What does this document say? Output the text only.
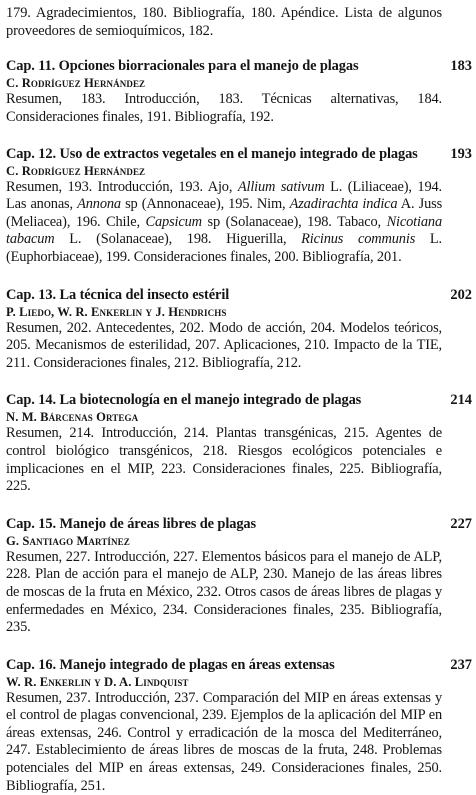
179. Agradecimientos, 180. Bibliografía, 180. Apéndice. Lista de algunos proveedores de semioquímicos, 182.
Cap. 11. Opciones biorracionales para el manejo de plagas	183
C. Rodríguez Hernández
Resumen, 183. Introducción, 183. Técnicas alternativas, 184. Consideraciones finales, 191. Bibliografía, 192.
Cap. 12. Uso de extractos vegetales en el manejo integrado de plagas	193
C. Rodríguez Hernández
Resumen, 193. Introducción, 193. Ajo, Allium sativum L. (Liliaceae), 194. Las anonas, Annona sp (Annonaceae), 195. Nim, Azadirachta indica A. Juss (Meliacea), 196. Chile, Capsicum sp (Solanaceae), 198. Tabaco, Nicotiana tabacum L. (Solanaceae), 198. Higuerilla, Ricinus communis L. (Euphorbiaceae), 199. Consideraciones finales, 200. Bibliografía, 201.
Cap. 13. La técnica del insecto estéril	202
P. Liedo, W. R. Enkerlin y J. Hendrichs
Resumen, 202. Antecedentes, 202. Modo de acción, 204. Modelos teóricos, 205. Mecanismos de esterilidad, 207. Aplicaciones, 210. Impacto de la TIE, 211. Consideraciones finales, 212. Bibliografía, 212.
Cap. 14. La biotecnología en el manejo integrado de plagas	214
N. M. Bárcenas Ortega
Resumen, 214. Introducción, 214. Plantas transgénicas, 215. Agentes de control biológico transgénicos, 218. Riesgos ecológicos potenciales e implicaciones en el MIP, 223. Consideraciones finales, 225. Bibliografía, 225.
Cap. 15. Manejo de áreas libres de plagas	227
G. Santiago Martínez
Resumen, 227. Introducción, 227. Elementos básicos para el manejo de ALP, 228. Plan de acción para el manejo de ALP, 230. Manejo de las áreas libres de moscas de la fruta en México, 232. Otros casos de áreas libres de plagas y enfermedades en México, 234. Consideraciones finales, 235. Bibliografía, 235.
Cap. 16. Manejo integrado de plagas en áreas extensas	237
W. R. Enkerlin y D. A. Lindquist
Resumen, 237. Introducción, 237. Comparación del MIP en áreas extensas y el control de plagas convencional, 239. Ejemplos de la aplicación del MIP en áreas extensas, 246. Control y erradicación de la mosca del Mediterráneo, 247. Establecimiento de áreas libres de moscas de la fruta, 248. Problemas potenciales del MIP en áreas extensas, 249. Consideraciones finales, 250. Bibliografía, 251.
